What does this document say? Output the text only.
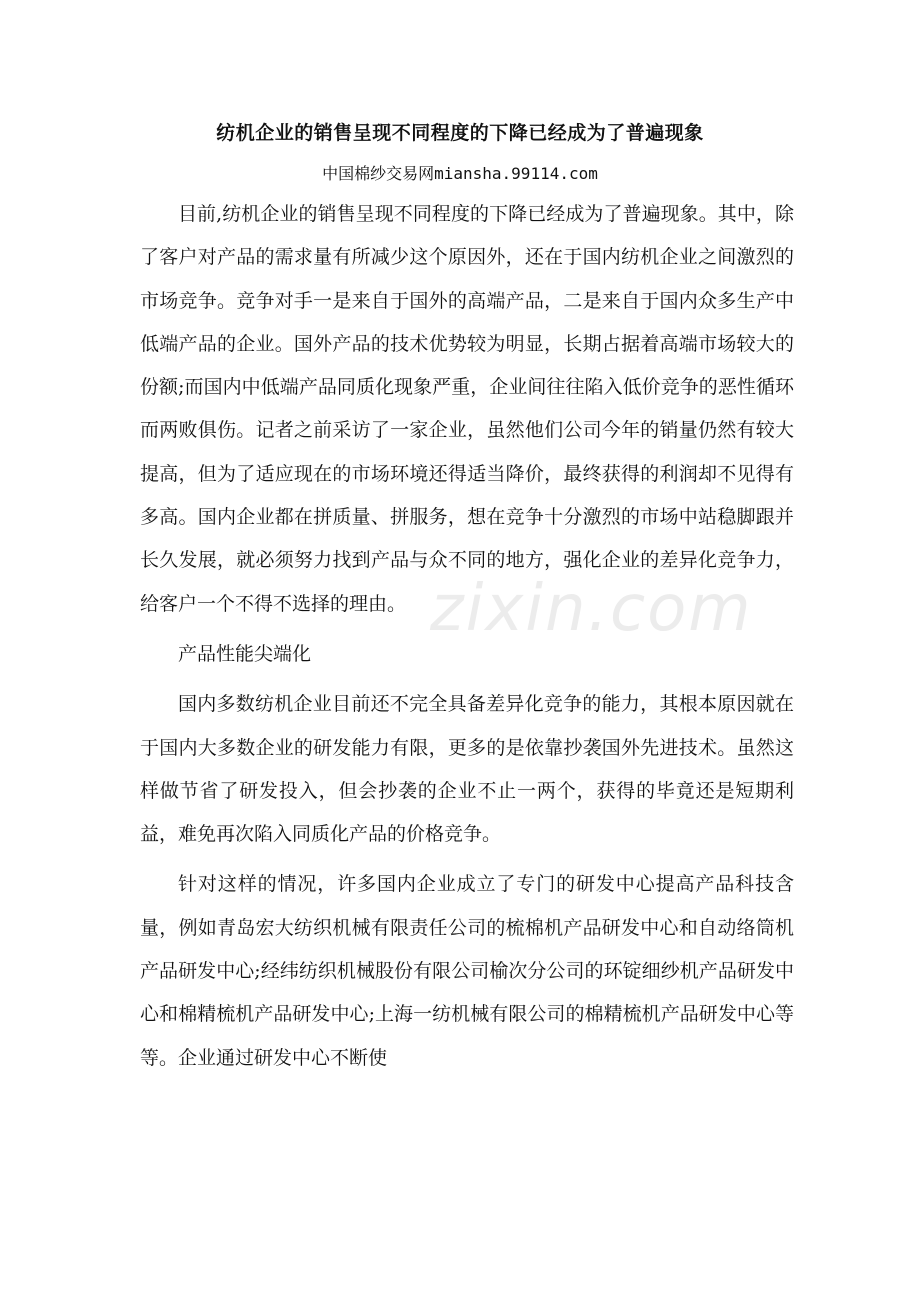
纺机企业的销售呈现不同程度的下降已经成为了普遍现象
中国棉纱交易网miansha.99114.com

目前,纺机企业的销售呈现不同程度的下降已经成为了普遍现象。其中，除了客户对产品的需求量有所减少这个原因外，还在于国内纺机企业之间激烈的市场竞争。竞争对手一是来自于国外的高端产品，二是来自于国内众多生产中低端产品的企业。国外产品的技术优势较为明显，长期占据着高端市场较大的份额;而国内中低端产品同质化现象严重，企业间往往陷入低价竞争的恶性循环而两败俱伤。记者之前采访了一家企业，虽然他们公司今年的销量仍然有较大提高，但为了适应现在的市场环境还得适当降价，最终获得的利润却不见得有多高。国内企业都在拼质量、拼服务，想在竞争十分激烈的市场中站稳脚跟并长久发展，就必须努力找到产品与众不同的地方，强化企业的差异化竞争力，给客户一个不得不选择的理由。

产品性能尖端化

国内多数纺机企业目前还不完全具备差异化竞争的能力，其根本原因就在于国内大多数企业的研发能力有限，更多的是依靠抄袭国外先进技术。虽然这样做节省了研发投入，但会抄袭的企业不止一两个，获得的毕竟还是短期利益，难免再次陷入同质化产品的价格竞争。

针对这样的情况，许多国内企业成立了专门的研发中心提高产品科技含量，例如青岛宏大纺织机械有限责任公司的梳棉机产品研发中心和自动络筒机产品研发中心;经纬纺织机械股份有限公司榆次分公司的环锭细纱机产品研发中心和棉精梳机产品研发中心;上海一纺机械有限公司的棉精梳机产品研发中心等等。企业通过研发中心不断使

zixin.com
